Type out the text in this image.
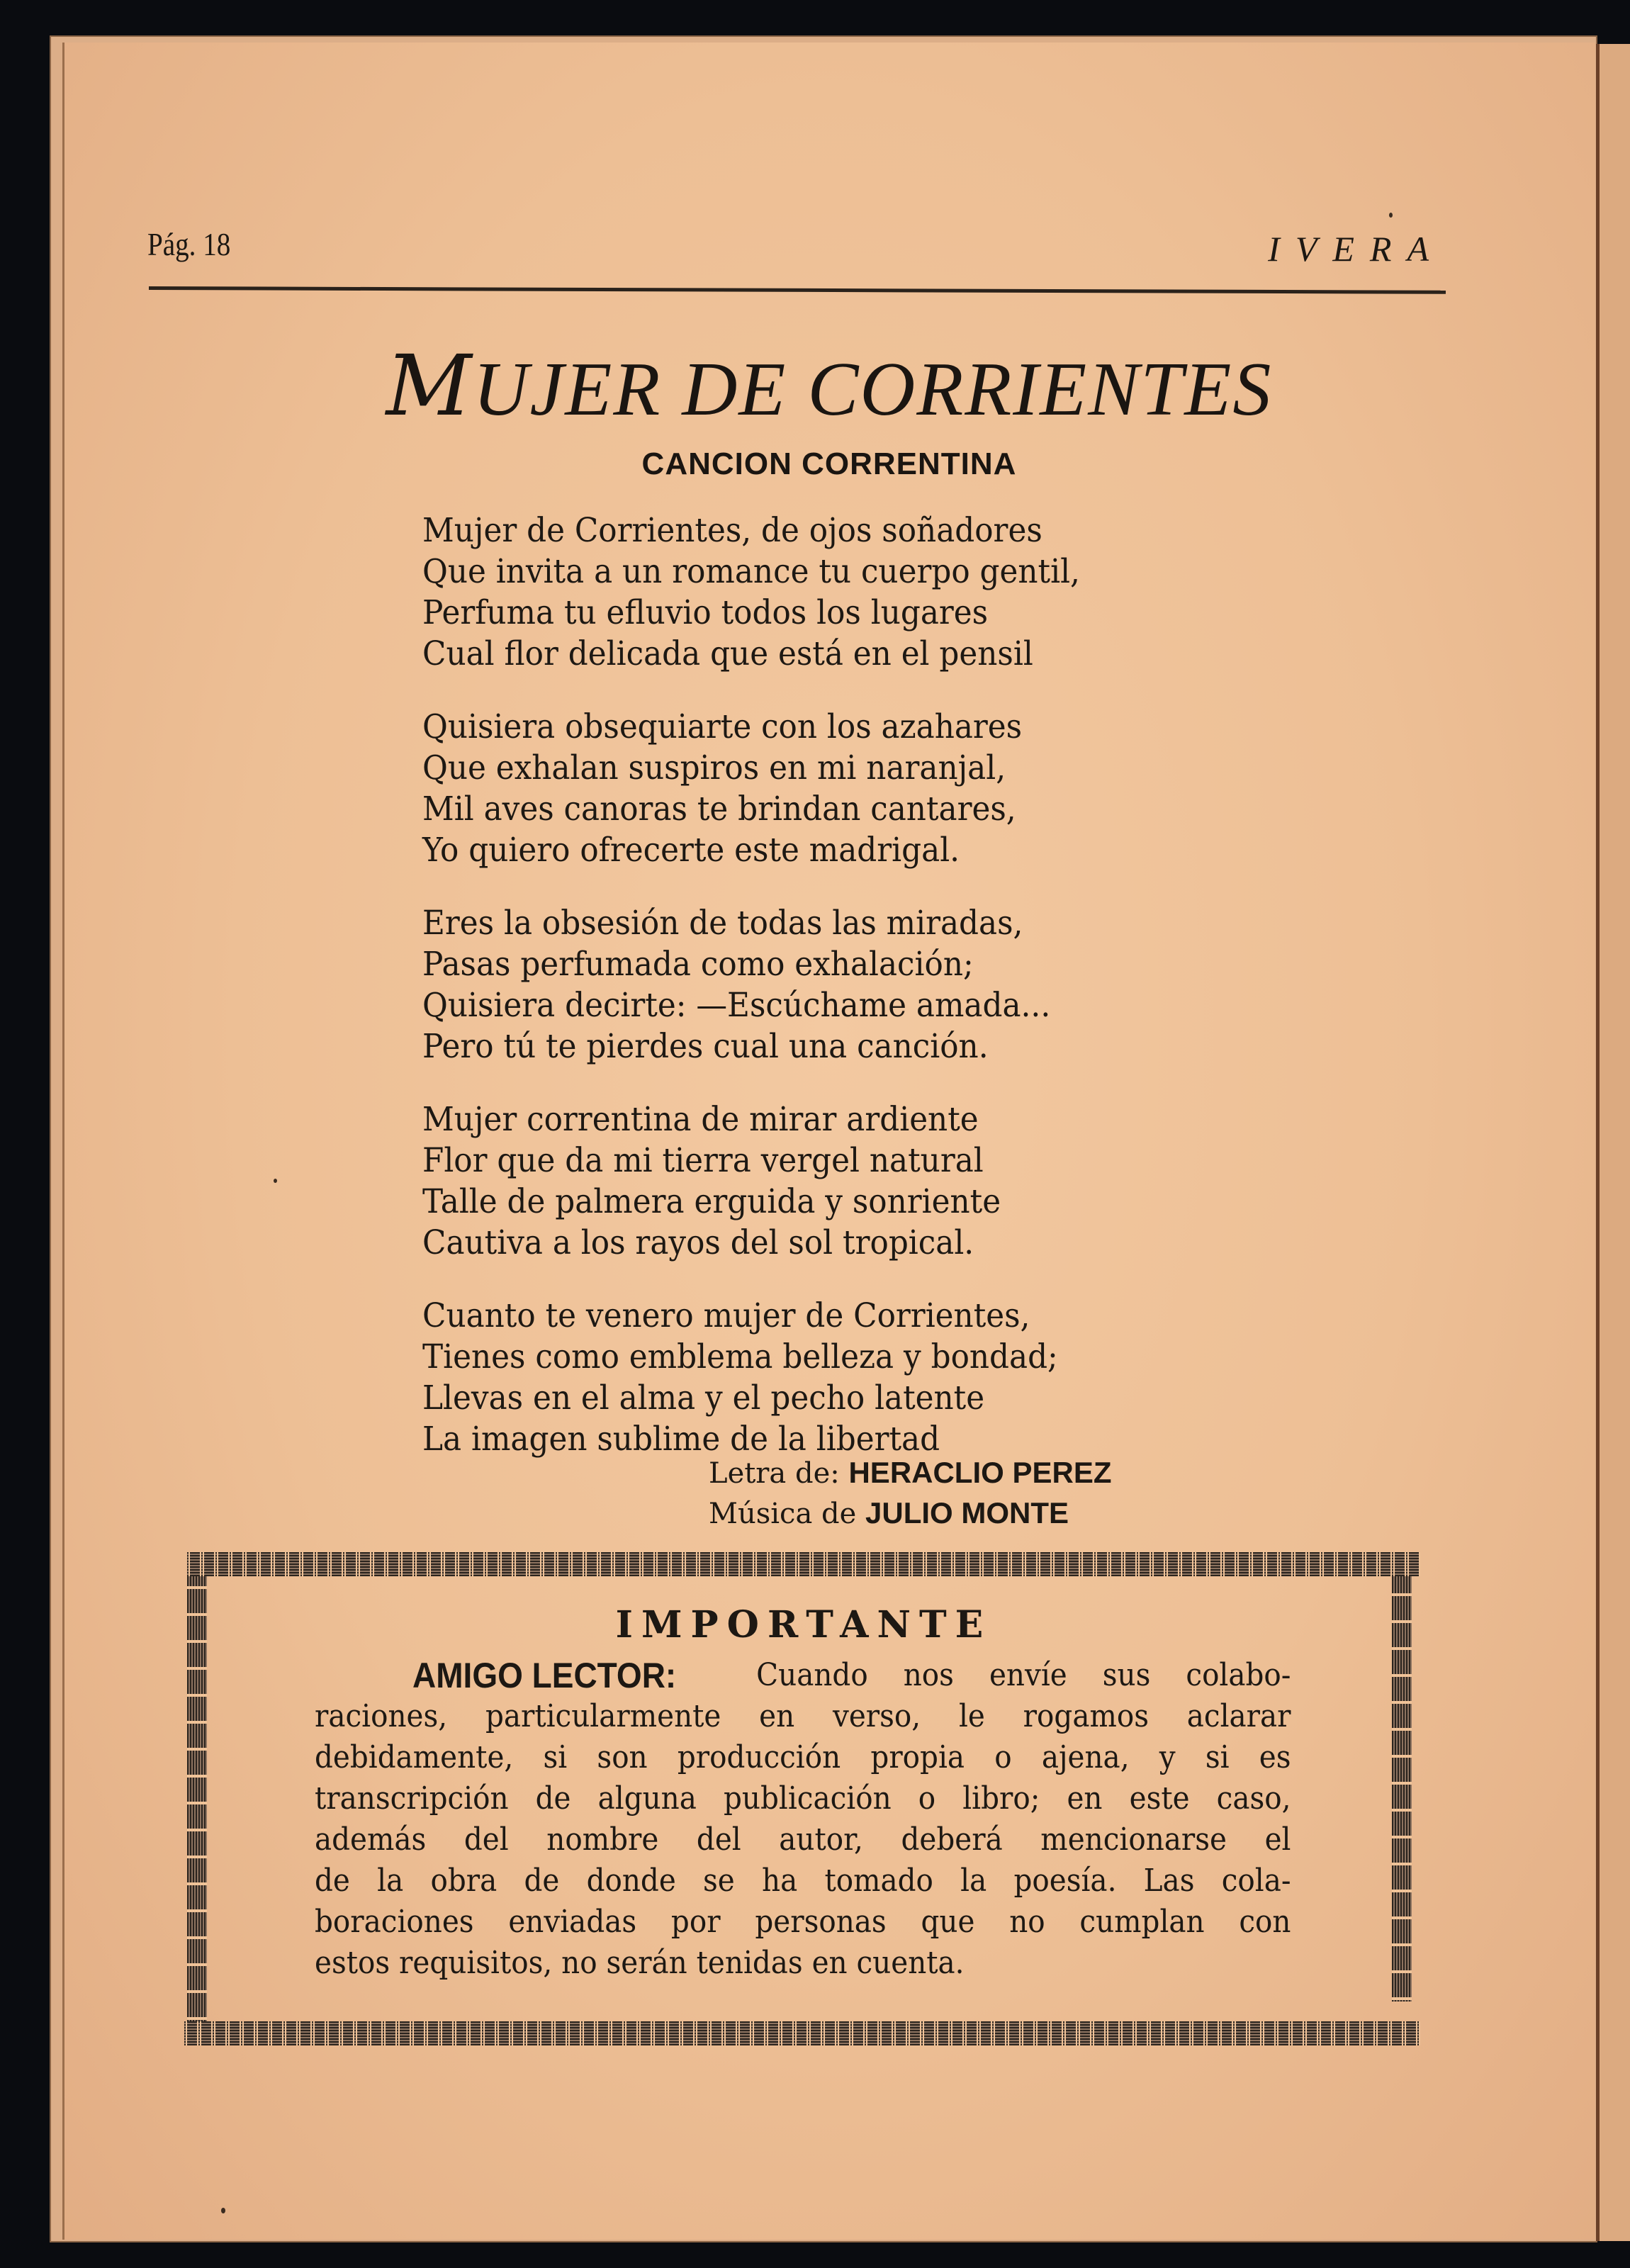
Pág. 18	IVERA
MUJER DE CORRIENTES
CANCION CORRENTINA
Mujer de Corrientes, de ojos soñadores
Que invita a un romance tu cuerpo gentil,
Perfuma tu efluvio todos los lugares
Cual flor delicada que está en el pensil
Quisiera obsequiarte con los azahares
Que exhalan suspiros en mi naranjal,
Mil aves canoras te brindan cantares,
Yo quiero ofrecerte este madrigal.
Eres la obsesión de todas las miradas,
Pasas perfumada como exhalación;
Quisiera decirte: —Escúchame amada...
Pero tú te pierdes cual una canción.
Mujer correntina de mirar ardiente
Flor que da mi tierra vergel natural
Talle de palmera erguida y sonriente
Cautiva a los rayos del sol tropical.
Cuanto te venero mujer de Corrientes,
Tienes como emblema belleza y bondad;
Llevas en el alma y el pecho latente
La imagen sublime de la libertad
Letra de: HERACLIO PEREZ
Música de JULIO MONTE
IMPORTANTE
AMIGO LECTOR:
	Cuando nos envíe sus colabo-
raciones, particularmente en verso, le rogamos aclarar
debidamente, si son producción propia o ajena, y si es
transcripción de alguna publicación o libro; en este caso,
además del nombre del autor, deberá mencionarse el
de la obra de donde se ha tomado la poesía. Las cola-
boraciones enviadas por personas que no cumplan con
estos requisitos, no serán tenidas en cuenta.
